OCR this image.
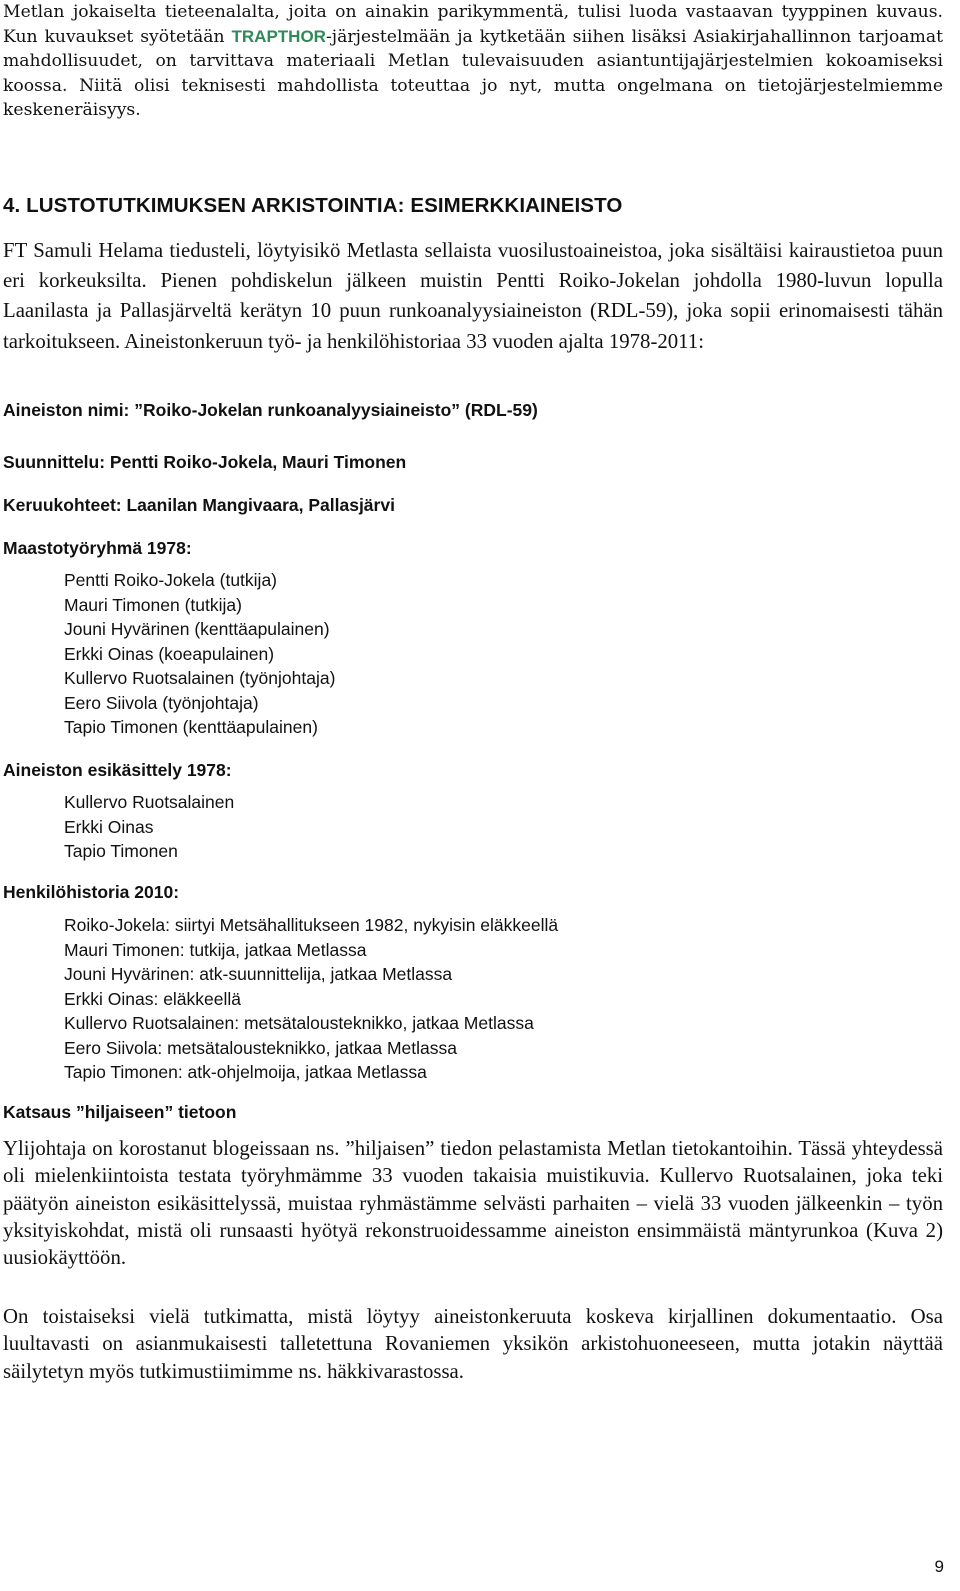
Metlan jokaiselta tieteenalalta, joita on ainakin parikymmentä, tulisi luoda vastaavan tyyppinen kuvaus. Kun kuvaukset syötetään TRAPTHOR-järjestelmään ja kytketään siihen lisäksi Asiakirjahallinnon tarjoamat mahdollisuudet, on tarvittava materiaali Metlan tulevaisuuden asiantuntijajärjestelmien kokoamiseksi koossa. Niitä olisi teknisesti mahdollista toteuttaa jo nyt, mutta ongelmana on tietojärjestelmiemme keskeneräisyys.

4. LUSTOTUTKIMUKSEN ARKISTOINTIA: ESIMERKKIAINEISTO

FT Samuli Helama tiedusteli, löytyisikö Metlasta sellaista vuosilustoaineistoa, joka sisältäisi kairaustietoa puun eri korkeuksilta. Pienen pohdiskelun jälkeen muistin Pentti Roiko-Jokelan johdolla 1980-luvun lopulla Laanilasta ja Pallasjärveltä kerätyn 10 puun runkoanalyysiaineiston (RDL-59), joka sopii erinomaisesti tähän tarkoitukseen. Aineistonkeruun työ- ja henkilöhistoriaa 33 vuoden ajalta 1978-2011:

Aineiston nimi: ”Roiko-Jokelan runkoanalyysiaineisto” (RDL-59)
Suunnittelu: Pentti Roiko-Jokela, Mauri Timonen
Keruukohteet: Laanilan Mangivaara, Pallasjärvi
Maastotyöryhmä 1978:
Pentti Roiko-Jokela (tutkija)
Mauri Timonen (tutkija)
Jouni Hyvärinen (kenttäapulainen)
Erkki Oinas (koeapulainen)
Kullervo Ruotsalainen (työnjohtaja)
Eero Siivola (työnjohtaja)
Tapio Timonen (kenttäapulainen)
Aineiston esikäsittely 1978:
Kullervo Ruotsalainen
Erkki Oinas
Tapio Timonen
Henkilöhistoria 2010:
Roiko-Jokela: siirtyi Metsähallitukseen 1982, nykyisin eläkkeellä
Mauri Timonen: tutkija, jatkaa Metlassa
Jouni Hyvärinen: atk-suunnittelija, jatkaa Metlassa
Erkki Oinas: eläkkeellä
Kullervo Ruotsalainen: metsätalousteknikko, jatkaa Metlassa
Eero Siivola: metsätalousteknikko, jatkaa Metlassa
Tapio Timonen: atk-ohjelmoija, jatkaa Metlassa
Katsaus ”hiljaiseen” tietoon

Ylijohtaja on korostanut blogeissaan ns. ”hiljaisen” tiedon pelastamista Metlan tietokantoihin. Tässä yhteydessä oli mielenkiintoista testata työryhmämme 33 vuoden takaisia muistikuvia. Kullervo Ruotsalainen, joka teki päätyön aineiston esikäsittelyssä, muistaa ryhmästämme selvästi parhaiten – vielä 33 vuoden jälkeenkin – työn yksityiskohdat, mistä oli runsaasti hyötyä rekonstruoidessamme aineiston ensimmäistä mäntyrunkoa (Kuva 2) uusiokäyttöön.

On toistaiseksi vielä tutkimatta, mistä löytyy aineistonkeruuta koskeva kirjallinen dokumentaatio. Osa luultavasti on asianmukaisesti talletettuna Rovaniemen yksikön arkistohuoneeseen, mutta jotakin näyttää säilytetyn myös tutkimustiimimme ns. häkkivarastossa.

9
